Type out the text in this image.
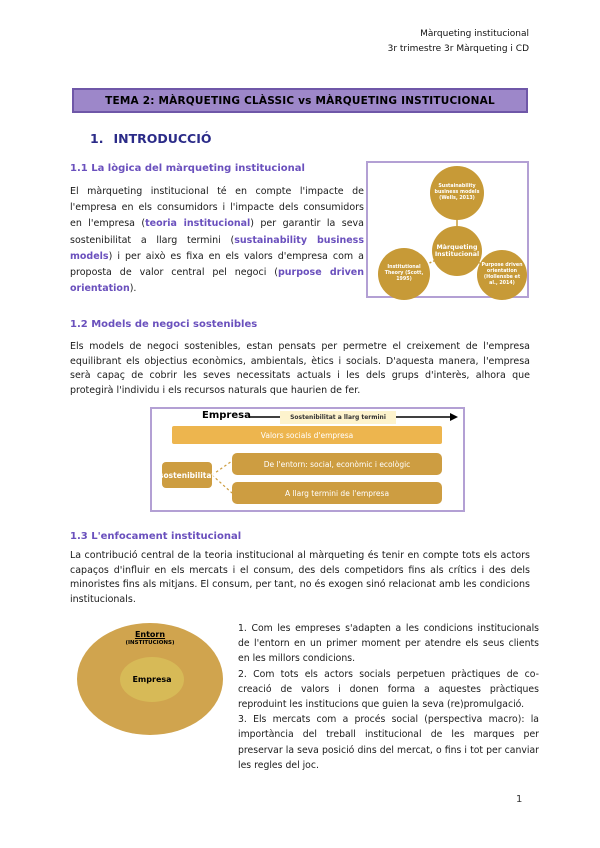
Màrqueting institucional
3r trimestre 3r Màrqueting i CD
TEMA 2: MÀRQUETING CLÀSSIC vs MÀRQUETING INSTITUCIONAL
1. INTRODUCCIÓ
1.1 La lògica del màrqueting institucional
El màrqueting institucional té en compte l'impacte de l'empresa en els consumidors i l'impacte dels consumidors en l'empresa (teoria institucional) per garantir la seva sostenibilitat a llarg termini (sustainability business models) i per això es fixa en els valors d'empresa com a proposta de valor central pel negoci (purpose driven orientation).
Sustainability business models (Wells, 2013)
Institutional Theory (Scott, 1995)
Purpose driven orientation (Hollensbe et al., 2014)
Màrqueting Institucional
1.2 Models de negoci sostenibles
Els models de negoci sostenibles, estan pensats per permetre el creixement de l'empresa equilibrant els objectius econòmics, ambientals, ètics i socials. D'aquesta manera, l'empresa serà capaç de cobrir les seves necessitats actuals i les dels grups d'interès, alhora que protegirà l'individu i els recursos naturals que haurien de fer.
Empresa	Sostenibilitat a llarg termini
Valors socials d'empresa
sostenibilitat
De l'entorn: social, econòmic i ecològic
A llarg termini de l'empresa
1.3 L'enfocament institucional
La contribució central de la teoria institucional al màrqueting és tenir en compte tots els actors capaços d'influir en els mercats i el consum, des dels competidors fins als crítics i des dels minoristes fins als mitjans. El consum, per tant, no és exogen sinó relacionat amb les condicions institucionals.
Entorn
(INSTITUCIONS)
Empresa
1. Com les empreses s'adapten a les condicions institucionals de l'entorn en un primer moment per atendre els seus clients en les millors condicions.
2. Com tots els actors socials perpetuen pràctiques de co-creació de valors i donen forma a aquestes pràctiques reproduint les institucions que guien la seva (re)promulgació.
3. Els mercats com a procés social (perspectiva macro): la importància del treball institucional de les marques per preservar la seva posició dins del mercat, o fins i tot per canviar les regles del joc.
1
